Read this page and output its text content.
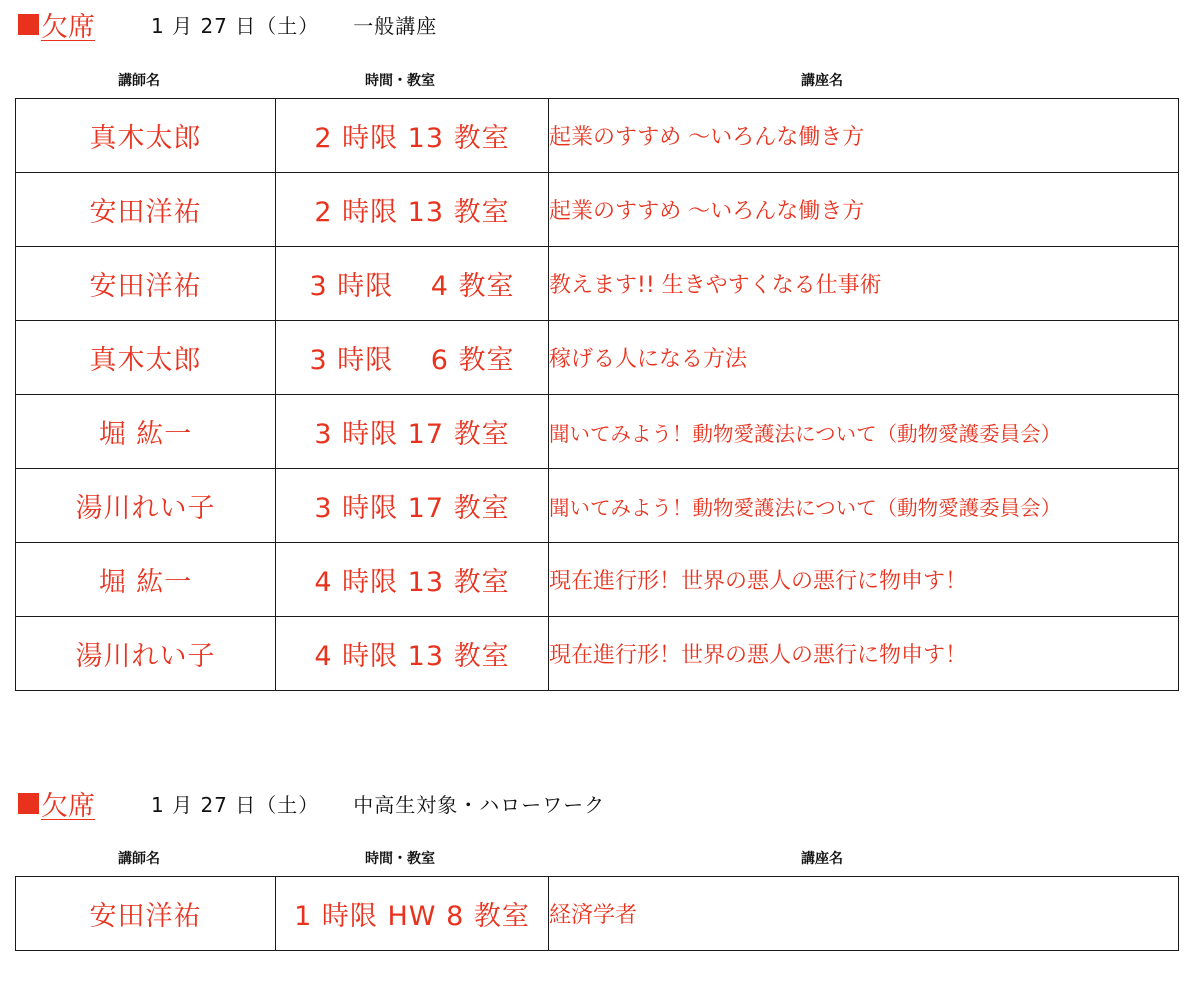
欠席	1 月 27 日（土） 一般講座
講師名	時間・教室	講座名
真木太郎	2 時限 13 教室	起業のすすめ ～いろんな働き方
安田洋祐	2 時限 13 教室	起業のすすめ ～いろんな働き方
安田洋祐	3 時限　 4 教室	教えます!! 生きやすくなる仕事術
真木太郎	3 時限　 6 教室	稼げる人になる方法
堀 紘一	3 時限 17 教室	聞いてみよう！動物愛護法について（動物愛護委員会）
湯川れい子	3 時限 17 教室	聞いてみよう！動物愛護法について（動物愛護委員会）
堀 紘一	4 時限 13 教室	現在進行形！世界の悪人の悪行に物申す！
湯川れい子	4 時限 13 教室	現在進行形！世界の悪人の悪行に物申す！
欠席	1 月 27 日（土） 中高生対象・ハローワーク
講師名	時間・教室	講座名
安田洋祐	1 時限 HW 8 教室	経済学者
